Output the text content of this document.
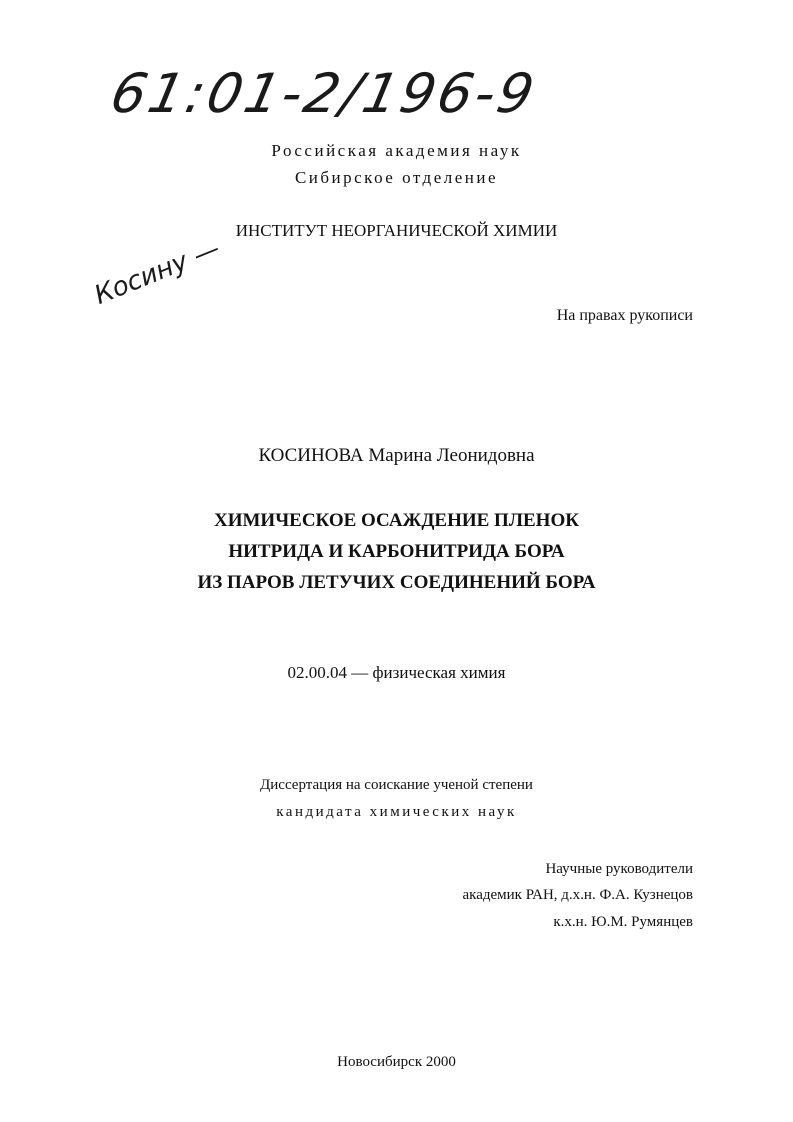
61:01-2/196-9
Косину —
Российская академия наук
Сибирское отделение
ИНСТИТУТ НЕОРГАНИЧЕСКОЙ ХИМИИ
На правах рукописи
КОСИНОВА Марина Леонидовна
ХИМИЧЕСКОЕ ОСАЖДЕНИЕ ПЛЕНОК
НИТРИДА И КАРБОНИТРИДА БОРА
ИЗ ПАРОВ ЛЕТУЧИХ СОЕДИНЕНИЙ БОРА
02.00.04 — физическая химия
Диссертация на соискание ученой степени
кандидата химических наук
Научные руководители
академик РАН, д.х.н. Ф.А. Кузнецов
к.х.н. Ю.М. Румянцев
Новосибирск 2000
